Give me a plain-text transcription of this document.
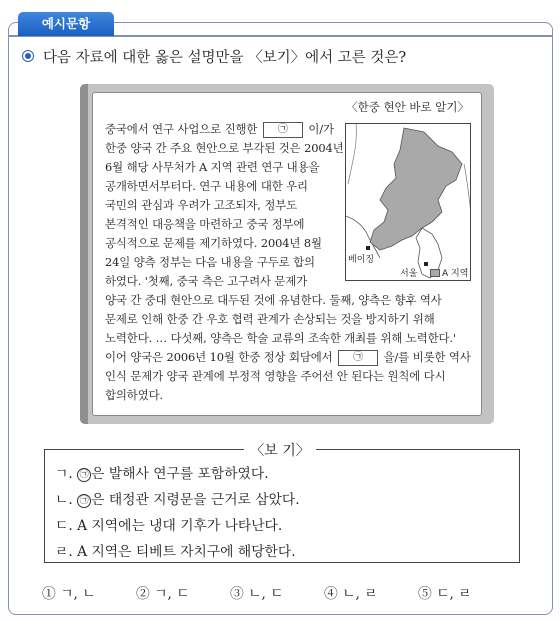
예시문항
다음 자료에 대한 옳은 설명만을 〈보기〉에서 고른 것은?
〈한중 현안 바로 알기〉
중국에서 연구 사업으로 진행한 ㉠ 이/가
한중 양국 간 주요 현안으로 부각된 것은 2004년
6월 해당 사무처가 A 지역 관련 연구 내용을
공개하면서부터다. 연구 내용에 대한 우리
국민의 관심과 우려가 고조되자, 정부도
본격적인 대응책을 마련하고 중국 정부에
공식적으로 문제를 제기하였다. 2004년 8월
24일 양측 정부는 다음 내용을 구두로 합의
하였다. '첫째, 중국 측은 고구려사 문제가
양국 간 중대 현안으로 대두된 것에 유념한다. 둘째, 양측은 향후 역사
문제로 인해 한중 간 우호 협력 관계가 손상되는 것을 방지하기 위해
노력한다. … 다섯째, 양측은 학술 교류의 조속한 개최를 위해 노력한다.'
이어 양국은 2006년 10월 한중 정상 회담에서 ㉠ 을/를 비롯한 역사
인식 문제가 양국 관계에 부정적 영향을 주어선 안 된다는 원칙에 다시
합의하였다.
베이징
서울	A 지역
ㄱ. ㉠ 은 발해사 연구를 포함하였다.
ㄴ. ㉠ 은 태정관 지령문을 근거로 삼았다.
ㄷ. A 지역에는 냉대 기후가 나타난다.
ㄹ. A 지역은 티베트 자치구에 해당한다.
〈보 기〉
① ㄱ, ㄴ	② ㄱ, ㄷ	③ ㄴ, ㄷ	④ ㄴ, ㄹ	⑤ ㄷ, ㄹ
